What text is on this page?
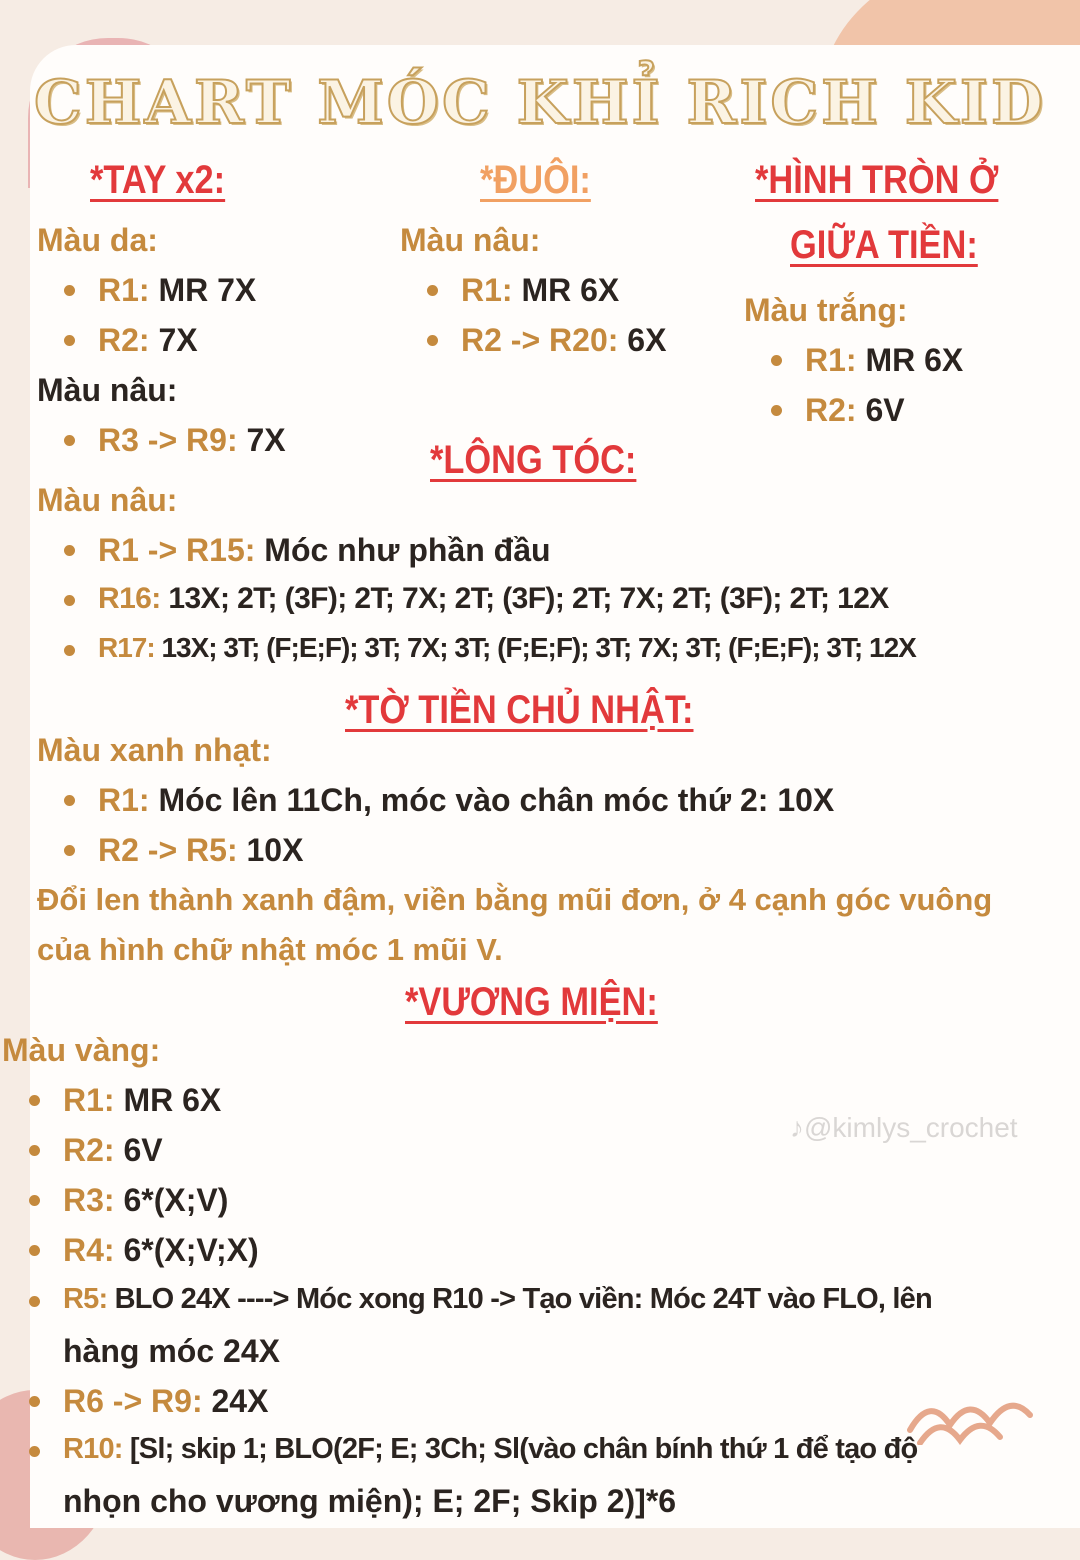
CHART MÓC KHỈ RICH KID
*TAY x2:
Màu da:
R1: MR 7X
R2: 7X
Màu nâu:
R3 -> R9: 7X
*ĐUÔI:
Màu nâu:
R1: MR 6X
R2 -> R20: 6X
*HÌNH TRÒN Ở
GIỮA TIỀN:
Màu trắng:
R1: MR 6X
R2: 6V
*LÔNG TÓC:
Màu nâu:
R1 -> R15: Móc như phần đầu
R16: 13X; 2T; (3F); 2T; 7X; 2T; (3F); 2T; 7X; 2T; (3F); 2T; 12X
R17: 13X; 3T; (F;E;F); 3T; 7X; 3T; (F;E;F); 3T; 7X; 3T; (F;E;F); 3T; 12X
*TỜ TIỀN CHỦ NHẬT:
Màu xanh nhạt:
R1: Móc lên 11Ch, móc vào chân móc thứ 2: 10X
R2 -> R5: 10X
Đổi len thành xanh đậm, viền bằng mũi đơn, ở 4 cạnh góc vuông
của hình chữ nhật móc 1 mũi V.
*VƯƠNG MIỆN:
Màu vàng:
R1: MR 6X
R2: 6V
R3: 6*(X;V)
R4: 6*(X;V;X)
R5: BLO 24X ----> Móc xong R10 -> Tạo viền: Móc 24T vào FLO, lên
hàng móc 24X
R6 -> R9: 24X
R10: [Sl; skip 1; BLO(2F; E; 3Ch; Sl(vào chân bính thứ 1 để tạo độ
nhọn cho vương miện); E; 2F; Skip 2)]*6
♪@kimlys_crochet
